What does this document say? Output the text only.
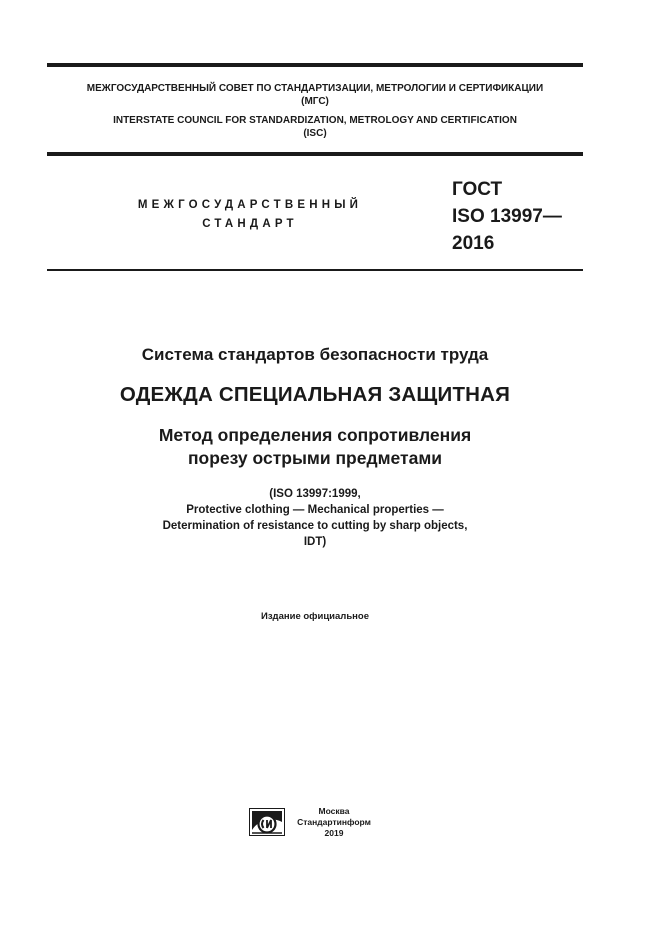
МЕЖГОСУДАРСТВЕННЫЙ СОВЕТ ПО СТАНДАРТИЗАЦИИ, МЕТРОЛОГИИ И СЕРТИФИКАЦИИ
(МГС)
INTERSTATE COUNCIL FOR STANDARDIZATION, METROLOGY AND CERTIFICATION
(ISC)
МЕЖГОСУДАРСТВЕННЫЙ
СТАНДАРТ
ГОСТ
ISO 13997—
2016
Система стандартов безопасности труда
ОДЕЖДА СПЕЦИАЛЬНАЯ ЗАЩИТНАЯ
Метод определения сопротивления
порезу острыми предметами
(ISO 13997:1999,
Protective clothing — Mechanical properties —
Determination of resistance to cutting by sharp objects,
IDT)
Издание официальное
Москва
Стандартинформ
2019
